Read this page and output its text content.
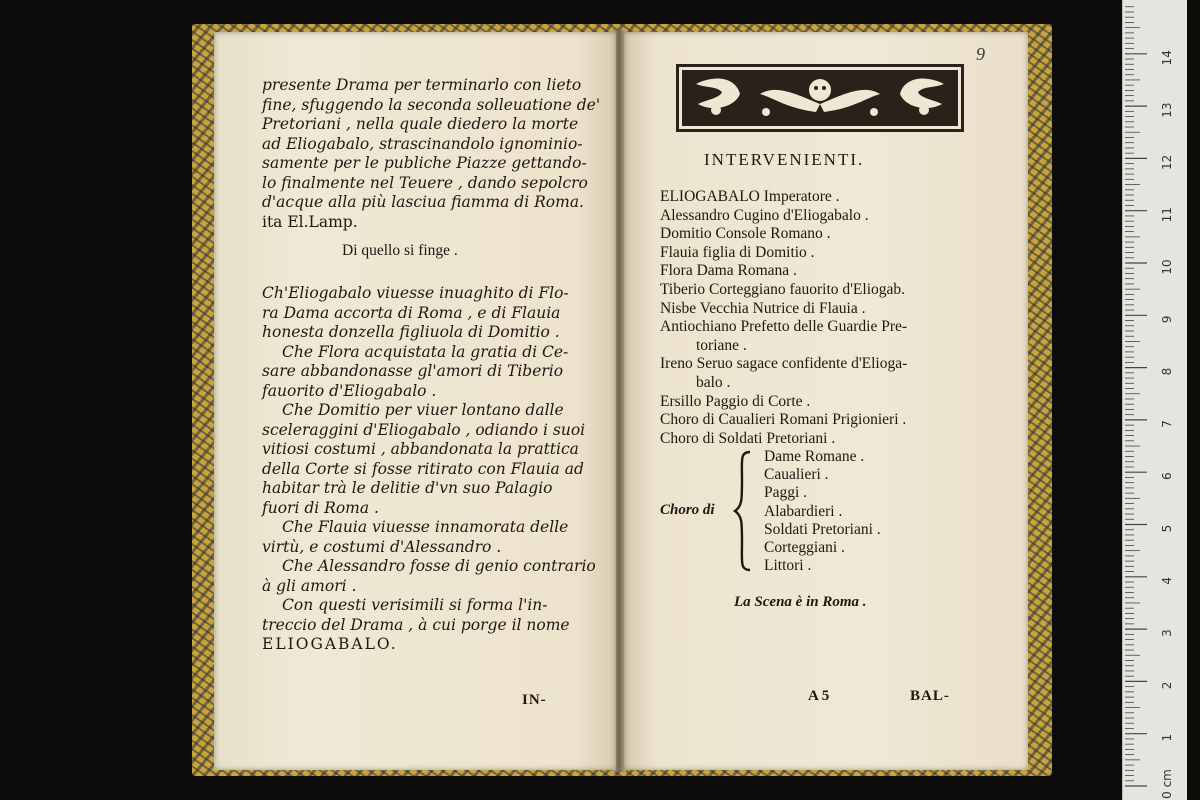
presente Drama per terminarlo con lieto
fine, sfuggendo la seconda solleuatione de'
Pretoriani , nella quale diedero la morte
ad Eliogabalo, strascinandolo ignominio-
samente per le publiche Piazze gettando-
lo finalmente nel Teuere , dando sepolcro
d'acque alla più lasciua fiamma di Roma.
ita El.Lamp.
Di quello si finge .
Ch'Eliogabalo viuesse inuaghito di Flo-
ra Dama accorta di Roma , e di Flauia
honesta donzella figliuola di Domitio .
Che Flora acquistata la gratia di Ce-
sare abbandonasse gl'amori di Tiberio
fauorito d'Eliogabalo .
Che Domitio per viuer lontano dalle
sceleraggini d'Eliogabalo , odiando i suoi
vitiosi costumi , abbandonata la prattica
della Corte si fosse ritirato con Flauia ad
habitar trà le delitie d'vn suo Palagio
fuori di Roma .
Che Flauia viuesse innamorata delle
virtù, e costumi d'Alessandro .
Che Alessandro fosse di genio contrario
à gli amori .
Con questi verisimili si forma l'in-
treccio del Drama , à cui porge il nome
ELIOGABALO.
IN-
9
INTERVENIENTI.
ELIOGABALO Imperatore .
Alessandro Cugino d'Eliogabalo .
Domitio Console Romano .
Flauia figlia di Domitio .
Flora Dama Romana .
Tiberio Corteggiano fauorito d'Eliogab.
Nisbe Vecchia Nutrice di Flauia .
Antiochiano Prefetto delle Guardie Pre-
toriane .
Ireno Seruo sagace confidente d'Elioga-
balo .
Ersillo Paggio di Corte .
Choro di Caualieri Romani Prigionieri .
Choro di Soldati Pretoriani .
Choro di
Dame Romane .
Caualieri .
Paggi .
Alabardieri .
Soldati Pretoriani .
Corteggiani .
Littori .
La Scena è in Roma .
A 5	BAL-
0 cm
1
2
3
4
5
6
7
8
9
10
11
12
13
14
